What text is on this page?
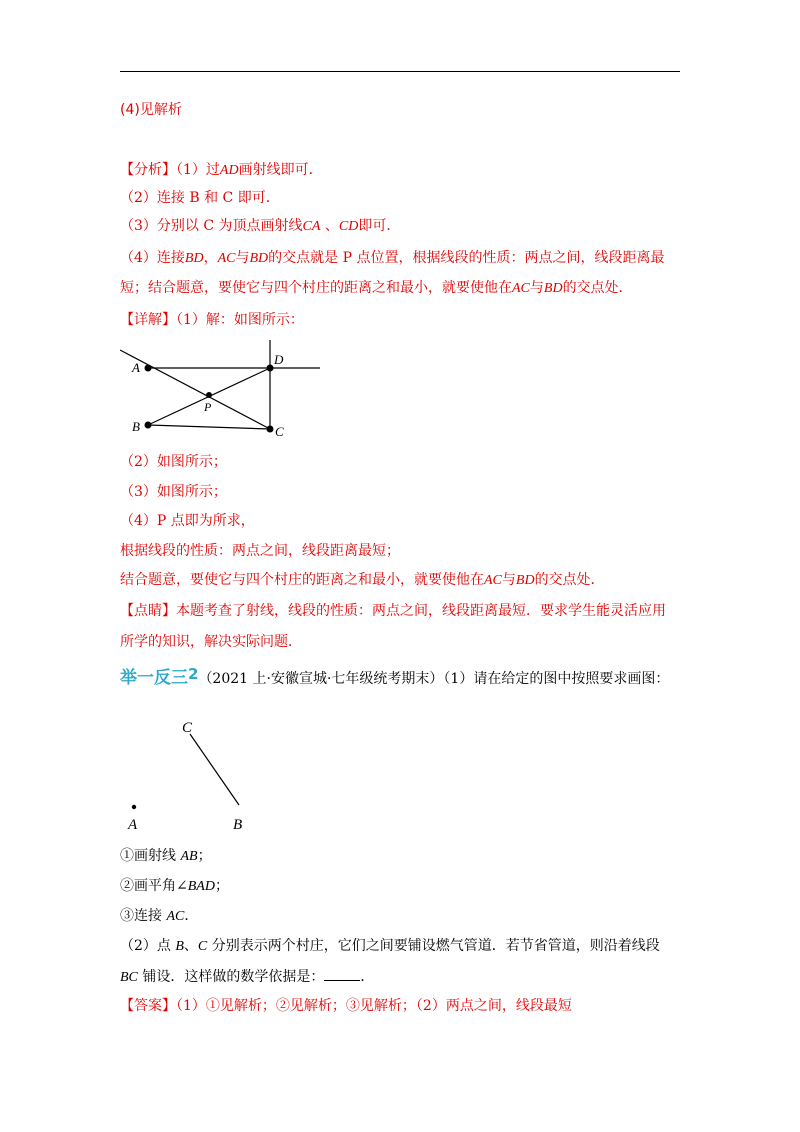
(4)见解析
【分析】（1）过AD画射线即可．
（2）连接 B 和 C 即可．
（3）分别以 C 为顶点画射线CA 、CD即可．
（4）连接BD，AC与BD的交点就是 P 点位置，根据线段的性质：两点之间，线段距离最
短；结合题意，要使它与四个村庄的距离之和最小，就要使他在AC与BD的交点处．
【详解】（1）解：如图所示：
A
D
P
B	C
（2）如图所示；
（3）如图所示；
（4）P 点即为所求，
根据线段的性质：两点之间，线段距离最短；
结合题意，要使它与四个村庄的距离之和最小，就要使他在AC与BD的交点处．
【点睛】本题考查了射线，线段的性质：两点之间，线段距离最短．要求学生能灵活应用
所学的知识，解决实际问题．
举一反三2（2021 上·安徽宣城·七年级统考期末）（1）请在给定的图中按照要求画图：
C
A	B
①画射线 AB；
②画平角∠BAD；
③连接 AC．
（2）点 B、C 分别表示两个村庄，它们之间要铺设燃气管道．若节省管道，则沿着线段
BC 铺设．这样做的数学依据是：	．
【答案】（1）①见解析；②见解析；③见解析；（2）两点之间，线段最短
